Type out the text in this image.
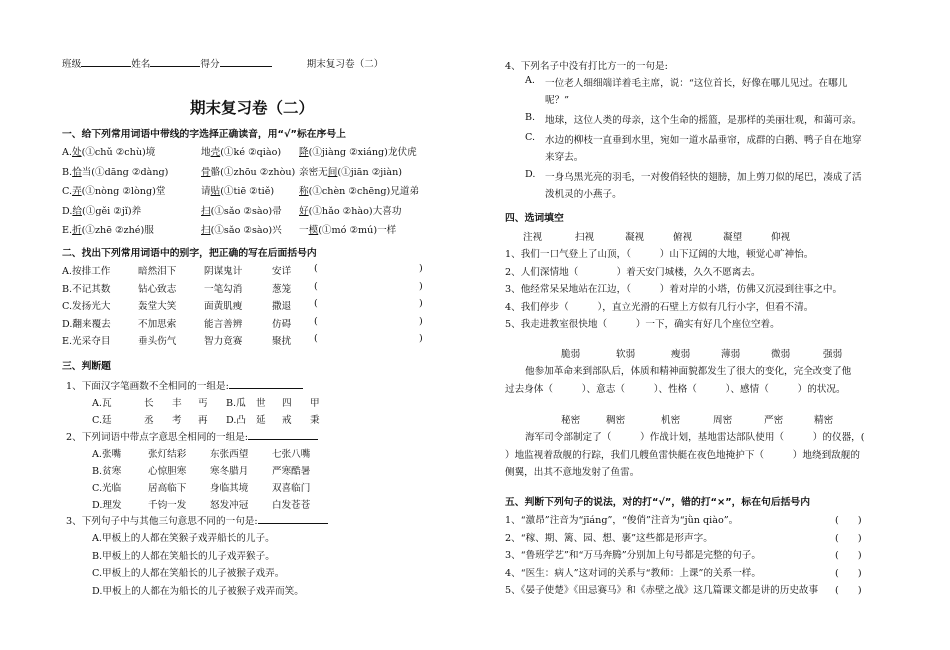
班级	姓名	得分	期末复习卷（二）
期末复习卷（二）
一、给下列常用词语中带线的字选择正确读音，用“√”标在序号上
A.处(①chǔ ②chù)境	地壳(①ké ②qiào) 降(①jiàng ②xiáng)龙伏虎
B.恰当(①dāng ②dàng)	骨骼(①zhōu ②zhòu) 亲密无间(①jiān ②jiàn)
C.弄(①nòng ②lòng)堂	请贴(①tiē ②tiě)	称(①chèn ②chēng)兄道弟
D.给(①gěi ②jǐ)养	扫(①sǎo ②sào)帚 好(①hǎo ②hào)大喜功
E.折(①zhē ②zhé)服	扫(①sǎo ②sào)兴 一模(①mó ②mú)一样
二、找出下列常用词语中的别字，把正确的写在后面括号内
A.按排工作	暗然泪下	阴谋鬼计	安详 (	)
B.不记其数	钻心致志	一笔勾消	葱笼 (	)
C.发扬光大	轰堂大笑	面黄肌瘦	撒退 (	)
D.翻来覆去	不加思索	能言善辨	仿碍 (	)
E.光采夺目	垂头伤气	智力竟赛	聚扰 (	)
三、判断题
1、下面汉字笔画数不全相同的一组是:
A.瓦	长 丰 丐 B.瓜 世 四 甲
C.廷	丞 考 再 D.凸 延 戒 秉
2、下列词语中带点字意思全相同的一组是:
A.张嘴	张灯结彩 东张西望 七张八嘴
B.贫寒	心惊胆寒 寒冬腊月 严寒酷暑
C.光临	居高临下 身临其境 双喜临门
D.理发	千钧一发 怒发冲冠 白发苍苍
3、下列句子中与其他三句意思不同的一句是:
A.甲板上的人都在笑猴子戏弄船长的儿子。
B.甲板上的人都在笑船长的儿子戏弄猴子。
C.甲板上的人都在笑船长的儿子被猴子戏弄。
D.甲板上的人都在为船长的儿子被猴子戏弄而笑。
4、下列名子中没有打比方一的一句是:
A. 一位老人细细端详着毛主席，说：“这位首长，好像在哪儿见过。在哪儿
呢？”
B. 地球，这位人类的母亲，这个生命的摇篮，是那样的美丽壮观，和蔼可亲。
C. 水边的柳枝一直垂到水里，宛如一道水晶垂帘，成群的白鹅、鸭子自在地穿
来穿去。
D. 一身乌黑光亮的羽毛，一对俊俏轻快的翅膀，加上剪刀似的尾巴，凑成了活
泼机灵的小燕子。
四、选词填空
注视	扫视	凝视	俯视	凝望	仰视
1、我们一口气登上了山顶，（　　　）山下辽阔的大地，顿觉心旷神怡。
2、人们深情地（　　　　）着天安门城楼，久久不愿离去。
3、他经常呆呆地站在江边，（　　　）着对岸的小塔，仿佛又沉浸到往事之中。
4、我们停步（　　　），直立光滑的石壁上方似有几行小字，但看不清。
5、我走进教室很快地（　　　）一下，确实有好几个座位空着。
脆弱	软弱	瘦弱	薄弱	微弱	强弱
他参加革命来到部队后，体质和精神面貌都发生了很大的变化，完全改变了他
过去身体（　　　）、意志（　　　）、性格（　　　）、感情（　　　）的状况。
秘密	稠密	机密	周密	严密	精密
海军司令部制定了（　　　）作战计划，基地雷达部队使用（　　　）的仪器，(
）地监视着敌舰的行踪，我们几艘鱼雷快艇在夜色地掩护下（　　　）地绕到敌舰的
侧翼，出其不意地发射了鱼雷。
五、判断下列句子的说法，对的打“√”，错的打“×”，标在句后括号内
1、“激昂”注音为“jīáng”，“俊俏”注音为“jǜn qiào”。	(　　)
2、“稼、期、篱、园、想、裹”这些都是形声字。	(　　)
3、“鲁班学艺”和“万马奔腾”分别加上句号都是完整的句子。	(　　)
4、“医生：病人”这对词的关系与“教师：上课”的关系一样。	(　　)
5、《晏子使楚》《田忌赛马》和《赤壁之战》这几篇课文都是讲的历史故事 (　　)
